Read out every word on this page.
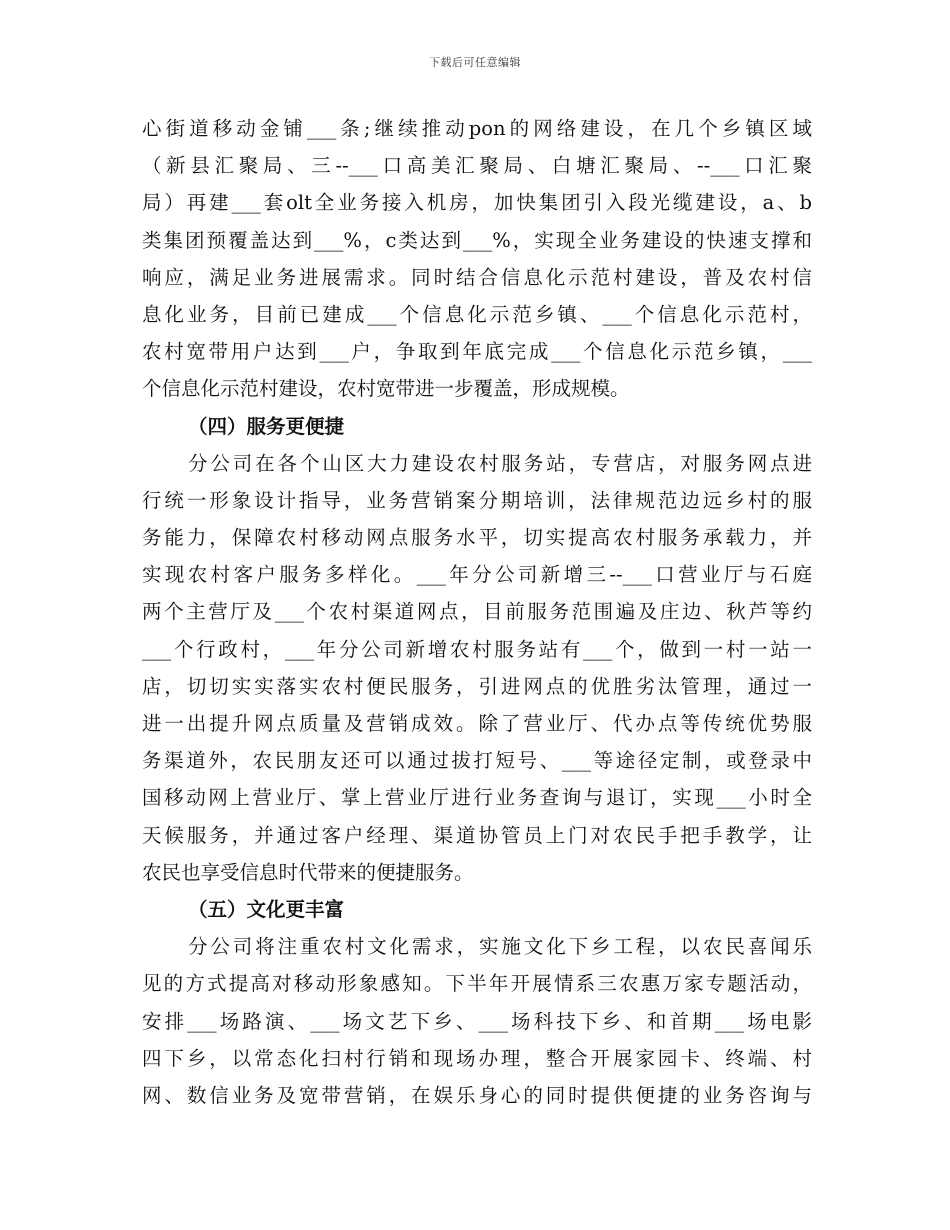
下载后可任意编辑
心街道移动金铺___条;继续推动pon的网络建设，在几个乡镇区域
（新县汇聚局、三--___口高美汇聚局、白塘汇聚局、--___口汇聚
局）再建___套olt全业务接入机房，加快集团引入段光缆建设，a、b
类集团预覆盖达到___%，c类达到___%，实现全业务建设的快速支撑和
响应，满足业务进展需求。同时结合信息化示范村建设，普及农村信
息化业务，目前已建成___个信息化示范乡镇、___个信息化示范村，
农村宽带用户达到___户，争取到年底完成___个信息化示范乡镇，___
个信息化示范村建设，农村宽带进一步覆盖，形成规模。
（四）服务更便捷
分公司在各个山区大力建设农村服务站，专营店，对服务网点进
行统一形象设计指导，业务营销案分期培训，法律规范边远乡村的服
务能力，保障农村移动网点服务水平，切实提高农村服务承载力，并
实现农村客户服务多样化。___年分公司新增三--___口营业厅与石庭
两个主营厅及___个农村渠道网点，目前服务范围遍及庄边、秋芦等约
___个行政村，___年分公司新增农村服务站有___个，做到一村一站一
店，切切实实落实农村便民服务，引进网点的优胜劣汰管理，通过一
进一出提升网点质量及营销成效。除了营业厅、代办点等传统优势服
务渠道外，农民朋友还可以通过拔打短号、___等途径定制，或登录中
国移动网上营业厅、掌上营业厅进行业务查询与退订，实现___小时全
天候服务，并通过客户经理、渠道协管员上门对农民手把手教学，让
农民也享受信息时代带来的便捷服务。
（五）文化更丰富
分公司将注重农村文化需求，实施文化下乡工程，以农民喜闻乐
见的方式提高对移动形象感知。下半年开展情系三农惠万家专题活动，
安排___场路演、___场文艺下乡、___场科技下乡、和首期___场电影
四下乡，以常态化扫村行销和现场办理，整合开展家园卡、终端、村
网、数信业务及宽带营销，在娱乐身心的同时提供便捷的业务咨询与
